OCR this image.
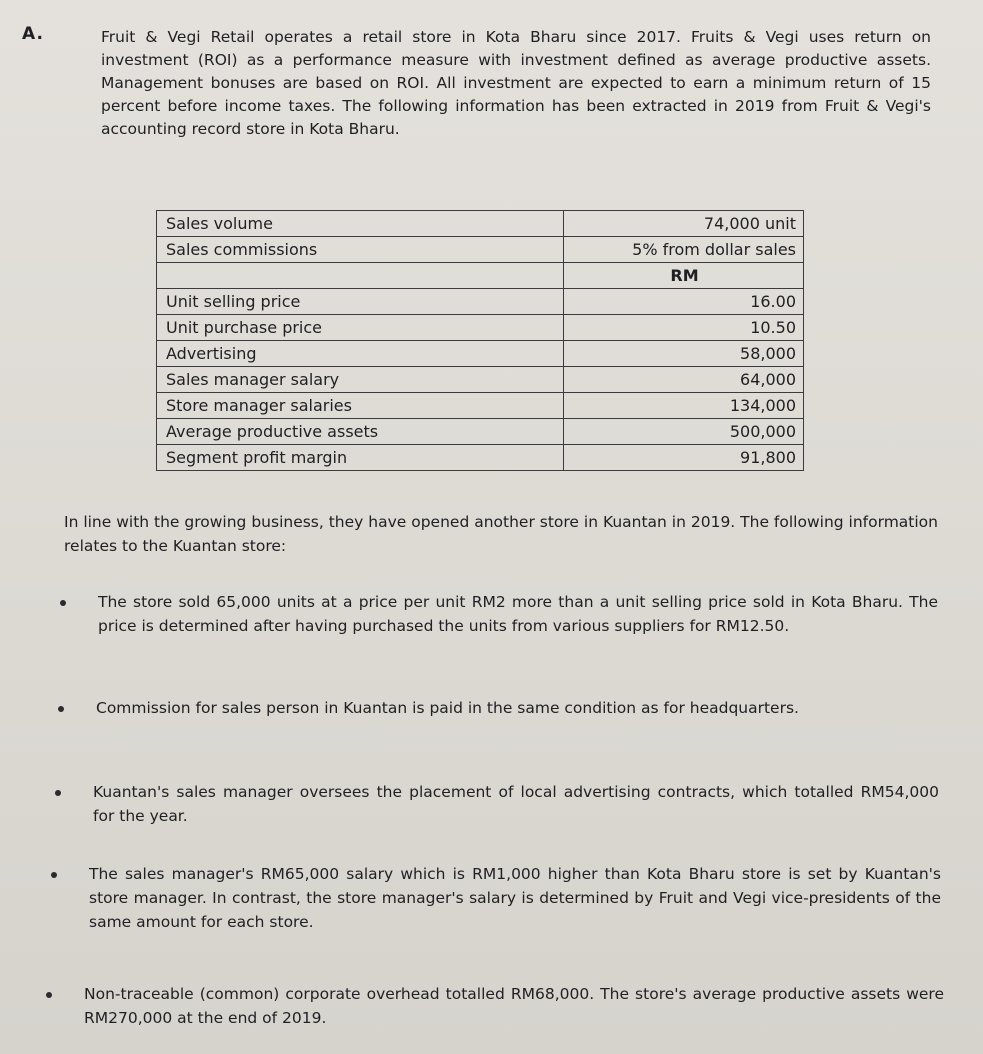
A.	Fruit & Vegi Retail operates a retail store in Kota Bharu since 2017. Fruits & Vegi uses return on investment (ROI) as a performance measure with investment defined as average productive assets. Management bonuses are based on ROI. All investment are expected to earn a minimum return of 15 percent before income taxes. The following information has been extracted in 2019 from Fruit & Vegi's accounting record store in Kota Bharu.

Sales volume	74,000 unit
Sales commissions	5% from dollar sales
	RM
Unit selling price	16.00
Unit purchase price	10.50
Advertising	58,000
Sales manager salary	64,000
Store manager salaries	134,000
Average productive assets	500,000
Segment profit margin	91,800

In line with the growing business, they have opened another store in Kuantan in 2019. The following information relates to the Kuantan store:

The store sold 65,000 units at a price per unit RM2 more than a unit selling price sold in Kota Bharu. The price is determined after having purchased the units from various suppliers for RM12.50.
Commission for sales person in Kuantan is paid in the same condition as for headquarters.
Kuantan's sales manager oversees the placement of local advertising contracts, which totalled RM54,000 for the year.
The sales manager's RM65,000 salary which is RM1,000 higher than Kota Bharu store is set by Kuantan's store manager. In contrast, the store manager's salary is determined by Fruit and Vegi vice-presidents of the same amount for each store.
Non-traceable (common) corporate overhead totalled RM68,000. The store's average productive assets were RM270,000 at the end of 2019.
